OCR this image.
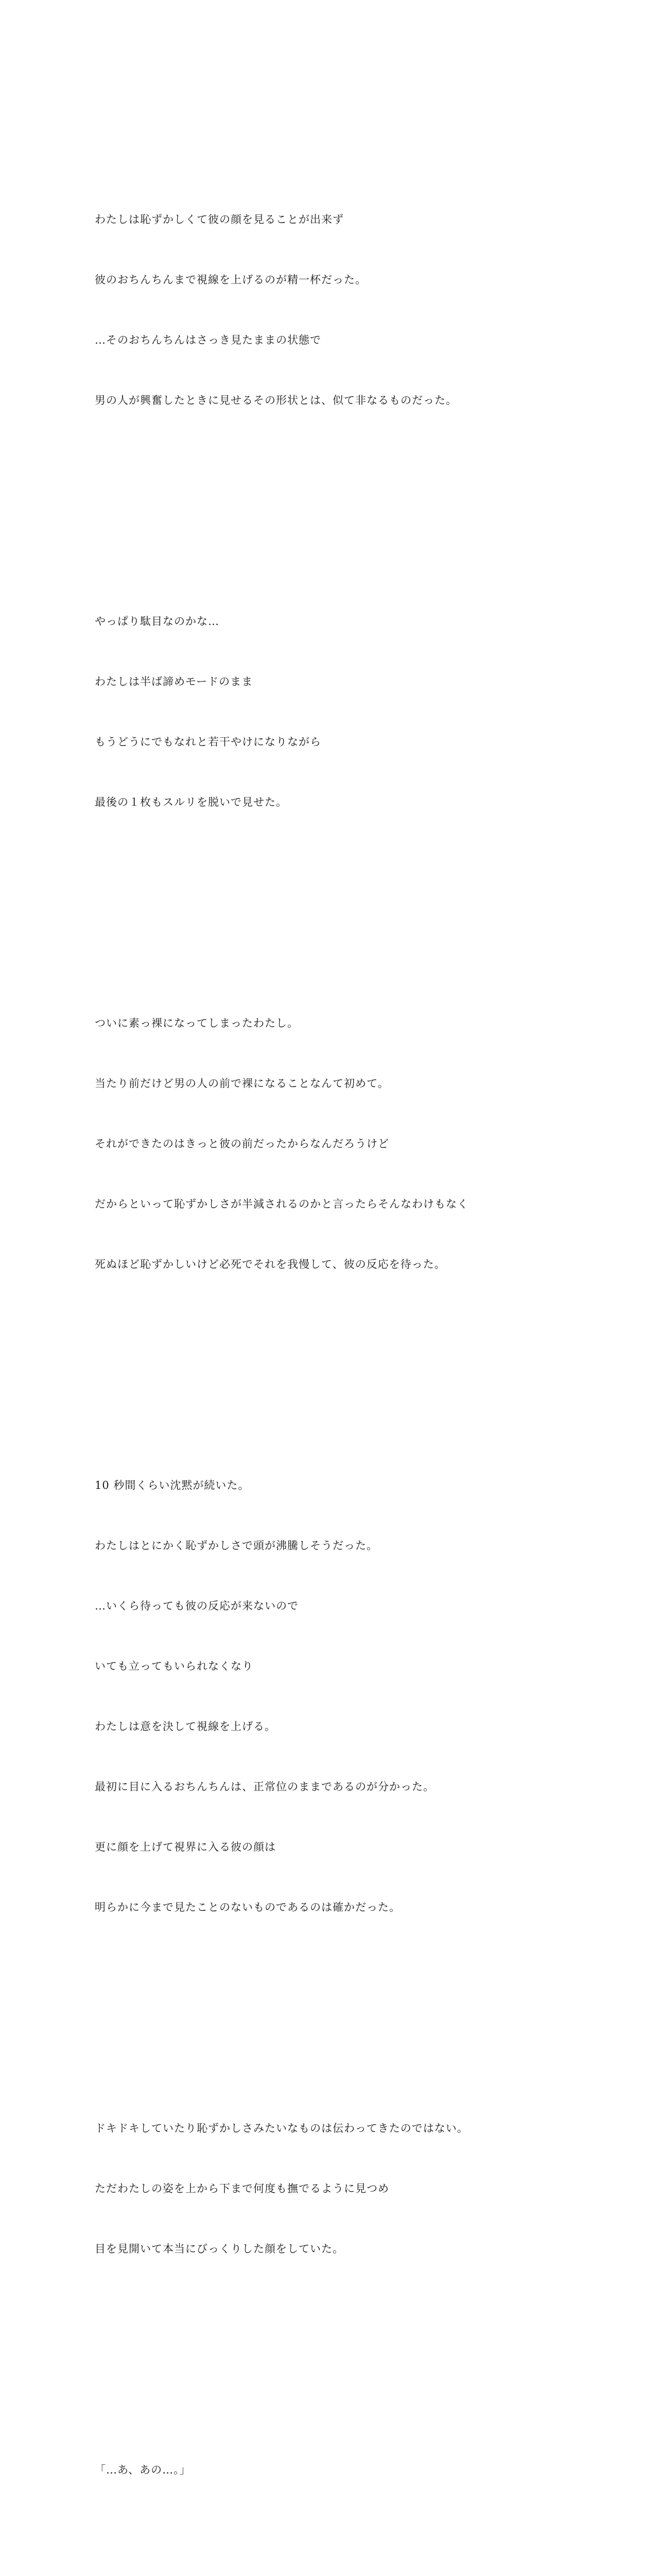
わたしは恥ずかしくて彼の顔を見ることが出来ず

彼のおちんちんまで視線を上げるのが精一杯だった。

…そのおちんちんはさっき見たままの状態で

男の人が興奮したときに見せるその形状とは、似て非なるものだった。

やっぱり駄目なのかな…

わたしは半ば諦めモードのまま

もうどうにでもなれと若干やけになりながら

最後の１枚もスルリを脱いで見せた。

ついに素っ裸になってしまったわたし。

当たり前だけど男の人の前で裸になることなんて初めて。

それができたのはきっと彼の前だったからなんだろうけど

だからといって恥ずかしさが半減されるのかと言ったらそんなわけもなく

死ぬほど恥ずかしいけど必死でそれを我慢して、彼の反応を待った。

10 秒間くらい沈黙が続いた。

わたしはとにかく恥ずかしさで頭が沸騰しそうだった。

…いくら待っても彼の反応が来ないので

いても立ってもいられなくなり

わたしは意を決して視線を上げる。

最初に目に入るおちんちんは、正常位のままであるのが分かった。

更に顔を上げて視界に入る彼の顔は

明らかに今まで見たことのないものであるのは確かだった。

ドキドキしていたり恥ずかしさみたいなものは伝わってきたのではない。

ただわたしの姿を上から下まで何度も撫でるように見つめ

目を見開いて本当にびっくりした顔をしていた。

「…あ、あの…。」
